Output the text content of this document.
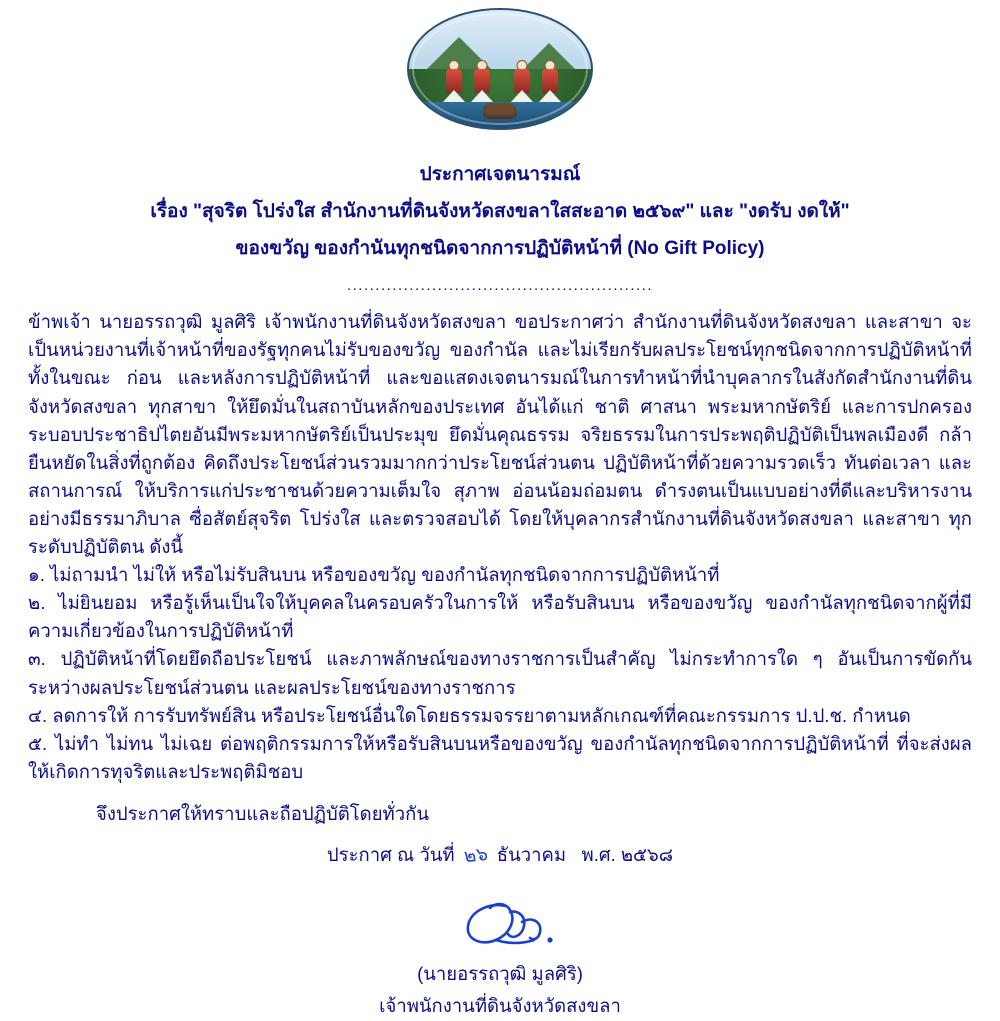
ประกาศเจตนารมณ์
เรื่อง "สุจริต โปร่งใส สำนักงานที่ดินจังหวัดสงขลาใสสะอาด ๒๕๖๙" และ "งดรับ งดให้"
ของขวัญ ของกำนันทุกชนิดจากการปฏิบัติหน้าที่ (No Gift Policy)
......................................................

ข้าพเจ้า นายอรรถวุฒิ มูลศิริ เจ้าพนักงานที่ดินจังหวัดสงขลา ขอประกาศว่า สำนักงานที่ดินจังหวัดสงขลา และสาขา จะเป็นหน่วยงานที่เจ้าหน้าที่ของรัฐทุกคนไม่รับของขวัญ ของกำนัล และไม่เรียกรับผลประโยชน์ทุกชนิดจากการปฏิบัติหน้าที่ ทั้งในขณะ ก่อน และหลังการปฏิบัติหน้าที่ และขอแสดงเจตนารมณ์ในการทำหน้าที่นำบุคลากรในสังกัดสำนักงานที่ดินจังหวัดสงขลา ทุกสาขา ให้ยึดมั่นในสถาบันหลักของประเทศ อันได้แก่ ชาติ ศาสนา พระมหากษัตริย์ และการปกครองระบอบประชาธิปไตยอันมีพระมหากษัตริย์เป็นประมุข ยึดมั่นคุณธรรม จริยธรรมในการประพฤติปฏิบัติเป็นพลเมืองดี กล้ายืนหยัดในสิ่งที่ถูกต้อง คิดถึงประโยชน์ส่วนรวมมากกว่าประโยชน์ส่วนตน ปฏิบัติหน้าที่ด้วยความรวดเร็ว ทันต่อเวลา และสถานการณ์ ให้บริการแก่ประชาชนด้วยความเต็มใจ สุภาพ อ่อนน้อมถ่อมตน ดำรงตนเป็นแบบอย่างที่ดีและบริหารงานอย่างมีธรรมาภิบาล ซื่อสัตย์สุจริต โปร่งใส และตรวจสอบได้ โดยให้บุคลากรสำนักงานที่ดินจังหวัดสงขลา และสาขา ทุกระดับปฏิบัติตน ดังนี้

๑. ไม่ถามนำ ไม่ให้ หรือไม่รับสินบน หรือของขวัญ ของกำนัลทุกชนิดจากการปฏิบัติหน้าที่

๒. ไม่ยินยอม หรือรู้เห็นเป็นใจให้บุคคลในครอบครัวในการให้ หรือรับสินบน หรือของขวัญ ของกำนัลทุกชนิดจากผู้ที่มีความเกี่ยวข้องในการปฏิบัติหน้าที่

๓. ปฏิบัติหน้าที่โดยยึดถือประโยชน์ และภาพลักษณ์ของทางราชการเป็นสำคัญ ไม่กระทำการใด ๆ อันเป็นการขัดกันระหว่างผลประโยชน์ส่วนตน และผลประโยชน์ของทางราชการ

๔. ลดการให้ การรับทรัพย์สิน หรือประโยชน์อื่นใดโดยธรรมจรรยาตามหลักเกณฑ์ที่คณะกรรมการ ป.ป.ช. กำหนด

๕. ไม่ทำ ไม่ทน ไม่เฉย ต่อพฤติกรรมการให้หรือรับสินบนหรือของขวัญ ของกำนัลทุกชนิดจากการปฏิบัติหน้าที่ ที่จะส่งผลให้เกิดการทุจริตและประพฤติมิชอบ

จึงประกาศให้ทราบและถือปฏิบัติโดยทั่วกัน
ประกาศ ณ วันที่ ๒๖ ธันวาคม พ.ศ. ๒๕๖๘
(นายอรรถวุฒิ มูลศิริ)
เจ้าพนักงานที่ดินจังหวัดสงขลา
